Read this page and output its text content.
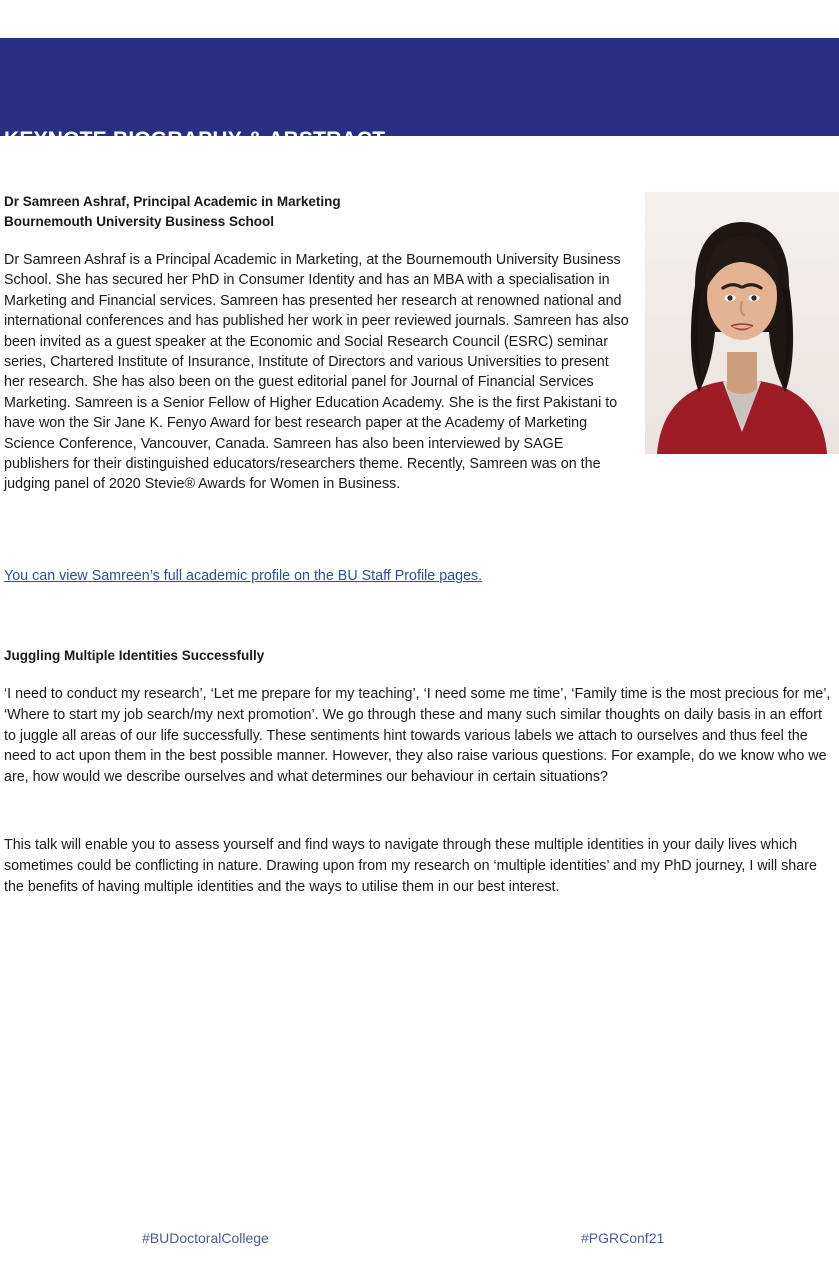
KEYNOTE BIOGRAPHY & ABSTRACT

Dr Samreen Ashraf, Principal Academic in Marketing

Bournemouth University Business School

Dr Samreen Ashraf is a Principal Academic in Marketing, at the Bournemouth University Business School. She has secured her PhD in Consumer Identity and has an MBA with a specialisation in Marketing and Financial services. Samreen has presented her research at renowned national and international conferences and has published her work in peer reviewed journals. Samreen has also been invited as a guest speaker at the Economic and Social Research Council (ESRC) seminar series, Chartered Institute of Insurance, Institute of Directors and various Universities to present her research. She has also been on the guest editorial panel for Journal of Financial Services Marketing. Samreen is a Senior Fellow of Higher Education Academy. She is the first Pakistani to have won the Sir Jane K. Fenyo Award for best research paper at the Academy of Marketing Science Conference, Vancouver, Canada. Samreen has also been interviewed by SAGE publishers for their distinguished educators/researchers theme. Recently, Samreen was on the judging panel of 2020 Stevie® Awards for Women in Business.

You can view Samreen’s full academic profile on the BU Staff Profile pages.
Juggling Multiple Identities Successfully
‘I need to conduct my research’, ‘Let me prepare for my teaching’, ‘I need some me time’, ‘Family time is the most precious for me’, ‘Where to start my job search/my next promotion’. We go through these and many such similar thoughts on daily basis in an effort to juggle all areas of our life successfully. These sentiments hint towards various labels we attach to ourselves and thus feel the need to act upon them in the best possible manner. However, they also raise various questions. For example, do we know who we are, how would we describe ourselves and what determines our behaviour in certain situations?
This talk will enable you to assess yourself and find ways to navigate through these multiple identities in your daily lives which sometimes could be conflicting in nature. Drawing upon from my research on ‘multiple identities’ and my PhD journey, I will share the benefits of having multiple identities and the ways to utilise them in our best interest.
#BUDoctoralCollege	#PGRConf21
